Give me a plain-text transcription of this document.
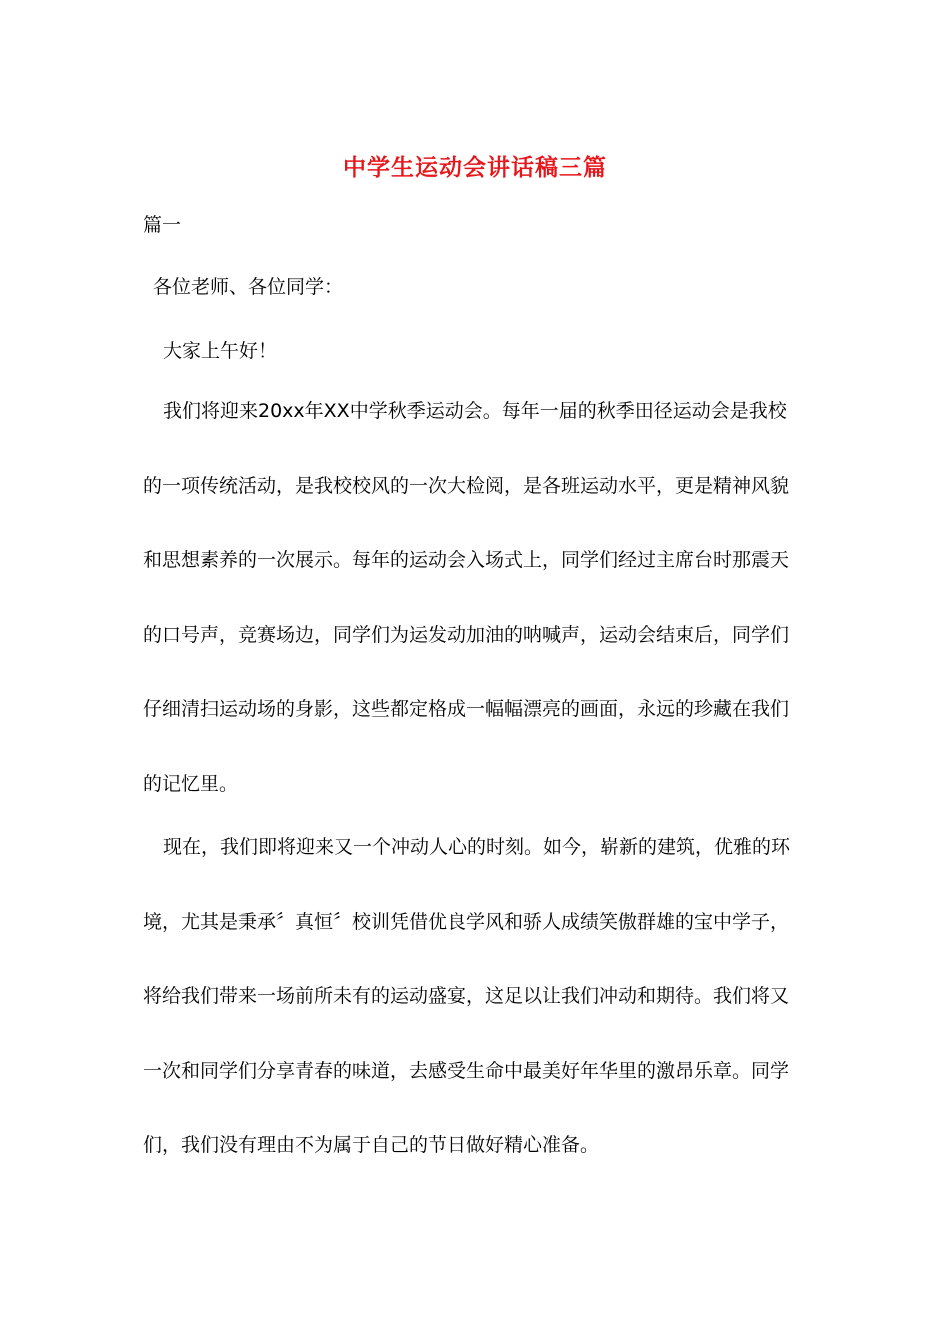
中学生运动会讲话稿三篇
篇一
各位老师、各位同学：
大家上午好！

我们将迎来20xx年XX中学秋季运动会。每年一届的秋季田径运动会是我校的一项传统活动，是我校校风的一次大检阅，是各班运动水平，更是精神风貌和思想素养的一次展示。每年的运动会入场式上，同学们经过主席台时那震天的口号声，竞赛场边，同学们为运发动加油的呐喊声，运动会结束后，同学们仔细清扫运动场的身影，这些都定格成一幅幅漂亮的画面，永远的珍藏在我们的记忆里。

现在，我们即将迎来又一个冲动人心的时刻。如今，崭新的建筑，优雅的环境，尤其是秉承〞真恒〞校训凭借优良学风和骄人成绩笑傲群雄的宝中学子，将给我们带来一场前所未有的运动盛宴，这足以让我们冲动和期待。我们将又一次和同学们分享青春的味道，去感受生命中最美好年华里的激昂乐章。同学们，我们没有理由不为属于自己的节日做好精心准备。
